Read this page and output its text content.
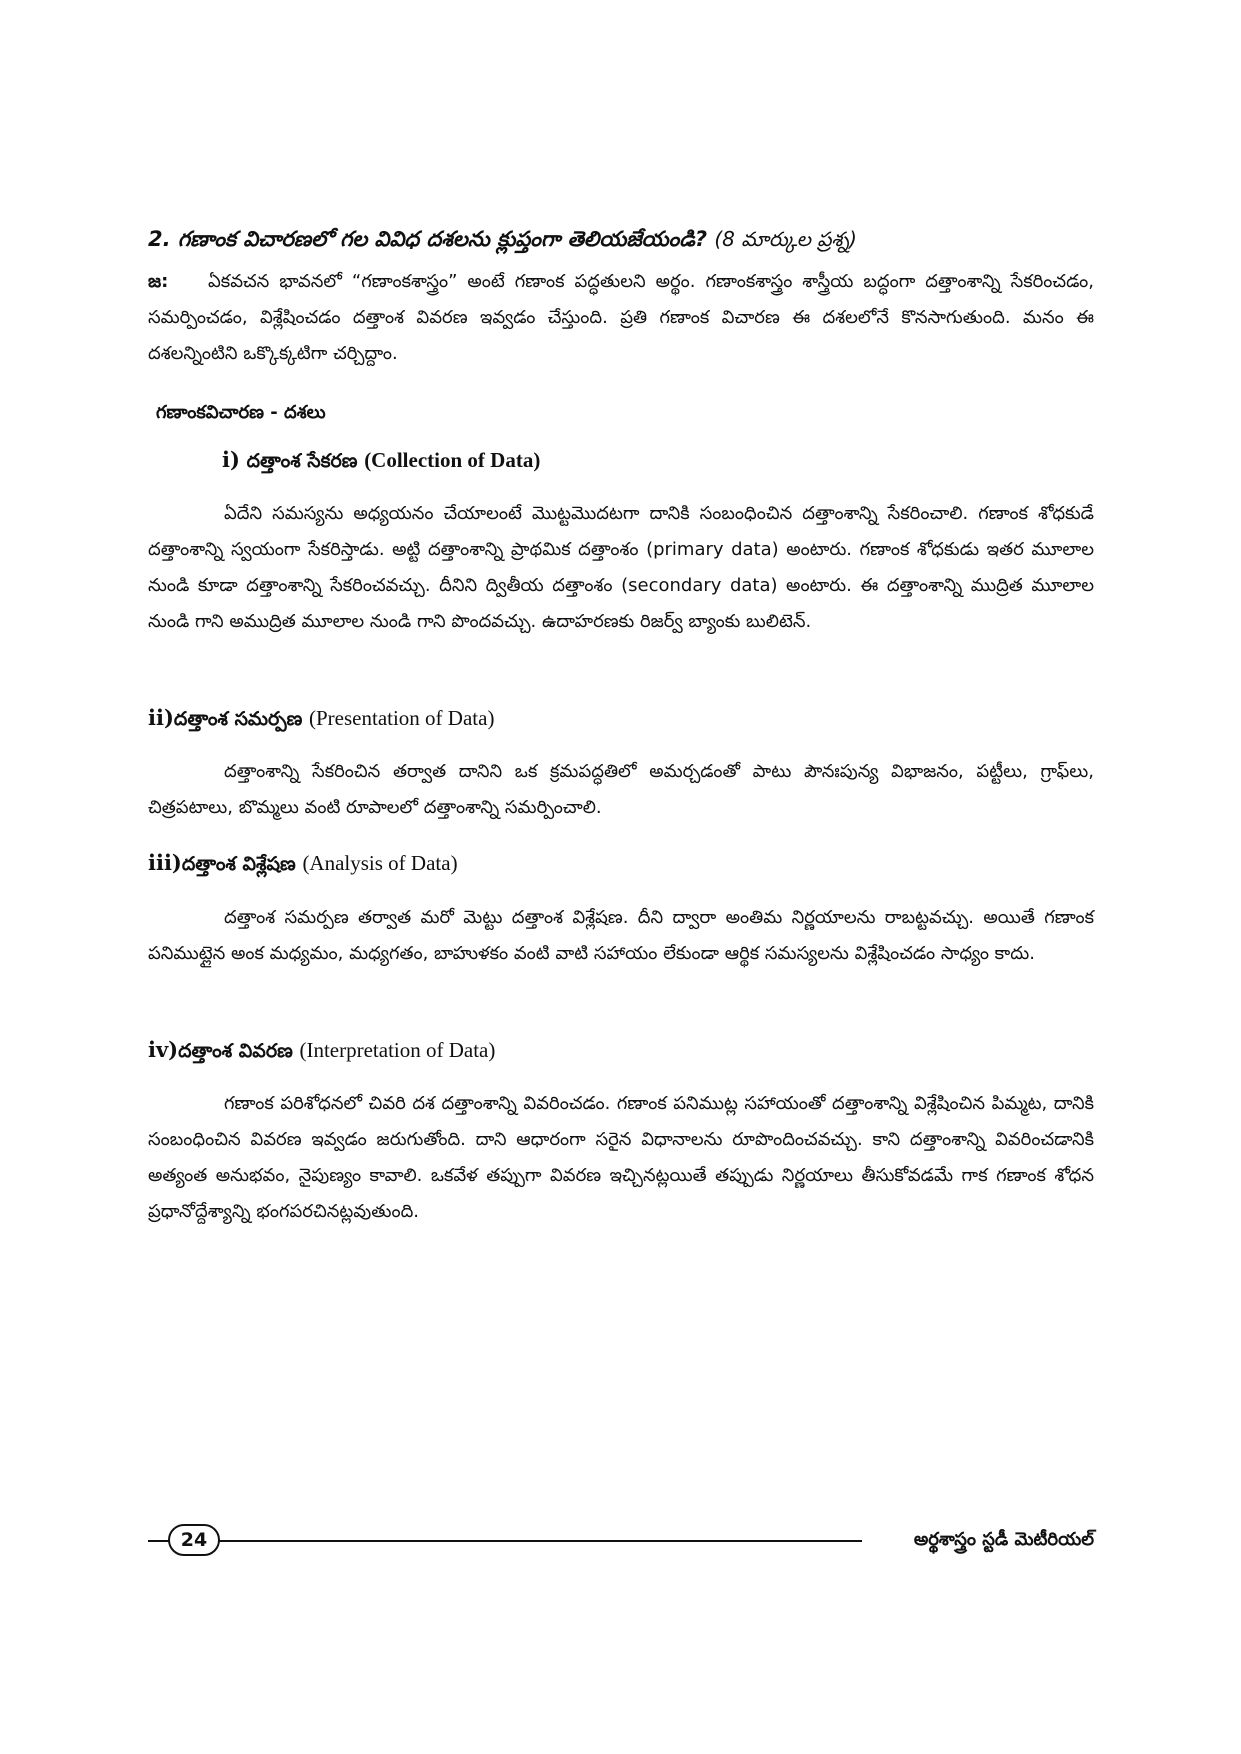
2. గణాంక విచారణలో గల వివిధ దశలను క్లుప్తంగా తెలియజేయండి? (8 మార్కుల ప్రశ్న)
జ: ఏకవచన భావనలో “గణాంకశాస్త్రం” అంటే గణాంక పద్ధతులని అర్థం. గణాంకశాస్త్రం శాస్త్రీయ బద్ధంగా దత్తాంశాన్ని సేకరించడం, సమర్పించడం, విశ్లేషించడం దత్తాంశ వివరణ ఇవ్వడం చేస్తుంది. ప్రతి గణాంక విచారణ ఈ దశలలోనే కొనసాగుతుంది. మనం ఈ దశలన్నింటిని ఒక్కొక్కటిగా చర్చిద్దాం.
గణాంకవిచారణ - దశలు
i) దత్తాంశ సేకరణ (Collection of Data)
ఏదేని సమస్యను అధ్యయనం చేయాలంటే మొట్టమొదటగా దానికి సంబంధించిన దత్తాంశాన్ని సేకరించాలి. గణాంక శోధకుడే దత్తాంశాన్ని స్వయంగా సేకరిస్తాడు. అట్టి దత్తాంశాన్ని ప్రాథమిక దత్తాంశం (primary data) అంటారు. గణాంక శోధకుడు ఇతర మూలాల నుండి కూడా దత్తాంశాన్ని సేకరించవచ్చు. దీనిని ద్వితీయ దత్తాంశం (secondary data) అంటారు. ఈ దత్తాంశాన్ని ముద్రిత మూలాల నుండి గాని అముద్రిత మూలాల నుండి గాని పొందవచ్చు. ఉదాహరణకు రిజర్వ్ బ్యాంకు బులిటెన్.
ii)దత్తాంశ సమర్పణ (Presentation of Data)
దత్తాంశాన్ని సేకరించిన తర్వాత దానిని ఒక క్రమపద్ధతిలో అమర్చడంతో పాటు పౌనఃపున్య విభాజనం, పట్టీలు, గ్రాఫ్‌లు, చిత్రపటాలు, బొమ్మలు వంటి రూపాలలో దత్తాంశాన్ని సమర్పించాలి.
iii)దత్తాంశ విశ్లేషణ (Analysis of Data)
దత్తాంశ సమర్పణ తర్వాత మరో మెట్టు దత్తాంశ విశ్లేషణ. దీని ద్వారా అంతిమ నిర్ణయాలను రాబట్టవచ్చు. అయితే గణాంక పనిముట్లైన అంక మధ్యమం, మధ్యగతం, బాహుళకం వంటి వాటి సహాయం లేకుండా ఆర్థిక సమస్యలను విశ్లేషించడం సాధ్యం కాదు.
iv)దత్తాంశ వివరణ (Interpretation of Data)
గణాంక పరిశోధనలో చివరి దశ దత్తాంశాన్ని వివరించడం. గణాంక పనిముట్ల సహాయంతో దత్తాంశాన్ని విశ్లేషించిన పిమ్మట, దానికి సంబంధించిన వివరణ ఇవ్వడం జరుగుతోంది. దాని ఆధారంగా సరైన విధానాలను రూపొందించవచ్చు. కాని దత్తాంశాన్ని వివరించడానికి అత్యంత అనుభవం, నైపుణ్యం కావాలి. ఒకవేళ తప్పుగా వివరణ ఇచ్చినట్లయితే తప్పుడు నిర్ణయాలు తీసుకోవడమే గాక గణాంక శోధన ప్రధానోద్దేశ్యాన్ని భంగపరచినట్లవుతుంది.
24	అర్థశాస్త్రం స్టడీ మెటీరియల్
